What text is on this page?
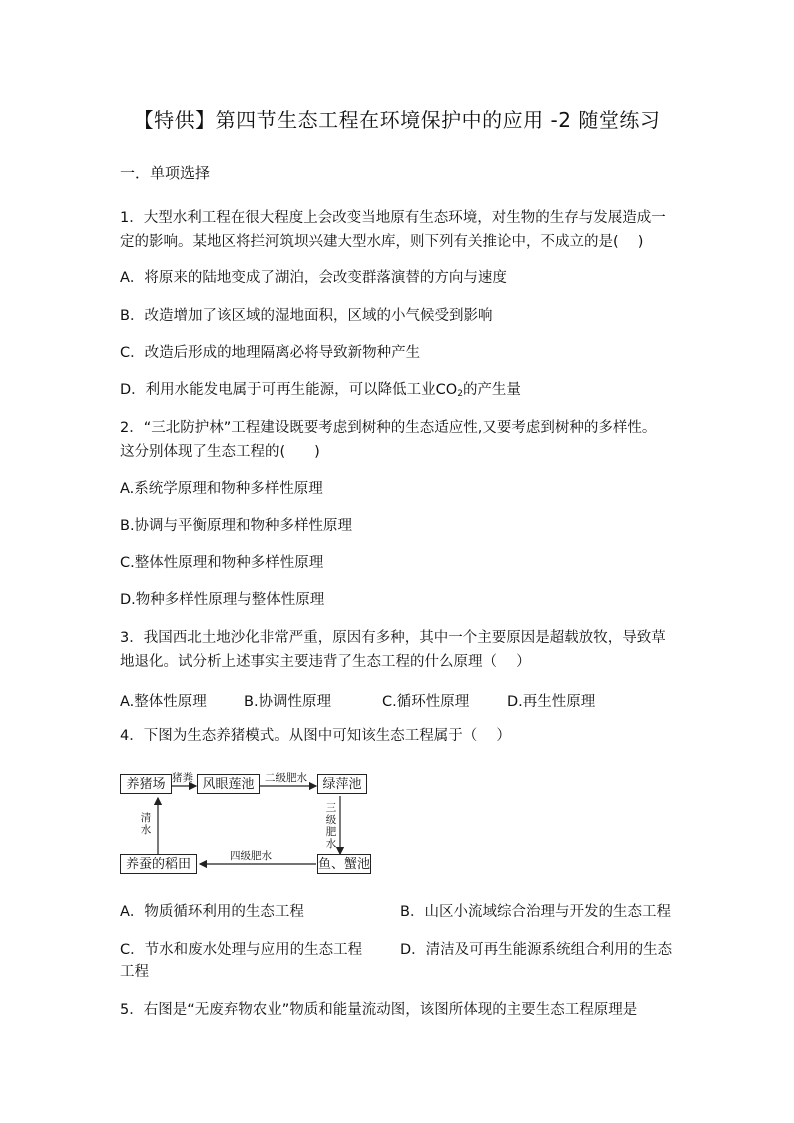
【特供】第四节生态工程在环境保护中的应用 -2 随堂练习
一．单项选择
1．大型水利工程在很大程度上会改变当地原有生态环境，对生物的生存与发展造成一
定的影响。某地区将拦河筑坝兴建大型水库，则下列有关推论中，不成立的是(　 )
A．将原来的陆地变成了湖泊，会改变群落演替的方向与速度
B．改造增加了该区域的湿地面积，区域的小气候受到影响
C．改造后形成的地理隔离必将导致新物种产生
D．利用水能发电属于可再生能源，可以降低工业$CO_2$的产生量
2．“三北防护林”工程建设既要考虑到树种的生态适应性,又要考虑到树种的多样性。
这分别体现了生态工程的(　　)
A.系统学原理和物种多样性原理
B.协调与平衡原理和物种多样性原理
C.整体性原理和物种多样性原理
D.物种多样性原理与整体性原理
3．我国西北土地沙化非常严重，原因有多种，其中一个主要原因是超载放牧，导致草
地退化。试分析上述事实主要违背了生态工程的什么原理（　 ）
A.整体性原理	B.协调性原理	C.循环性原理	D.再生性原理
4．下图为生态养猪模式。从图中可知该生态工程属于（　 ）
养猪场	风眼莲池	绿萍池
养蚕的稻田	鱼、蟹池
猪粪	二级肥水
三级肥水
四级肥水
清水
A．物质循环利用的生态工程	B．山区小流域综合治理与开发的生态工程
C．节水和废水处理与应用的生态工程	D．清洁及可再生能源系统组合利用的生态
工程
5．右图是“无废弃物农业”物质和能量流动图，该图所体现的主要生态工程原理是
